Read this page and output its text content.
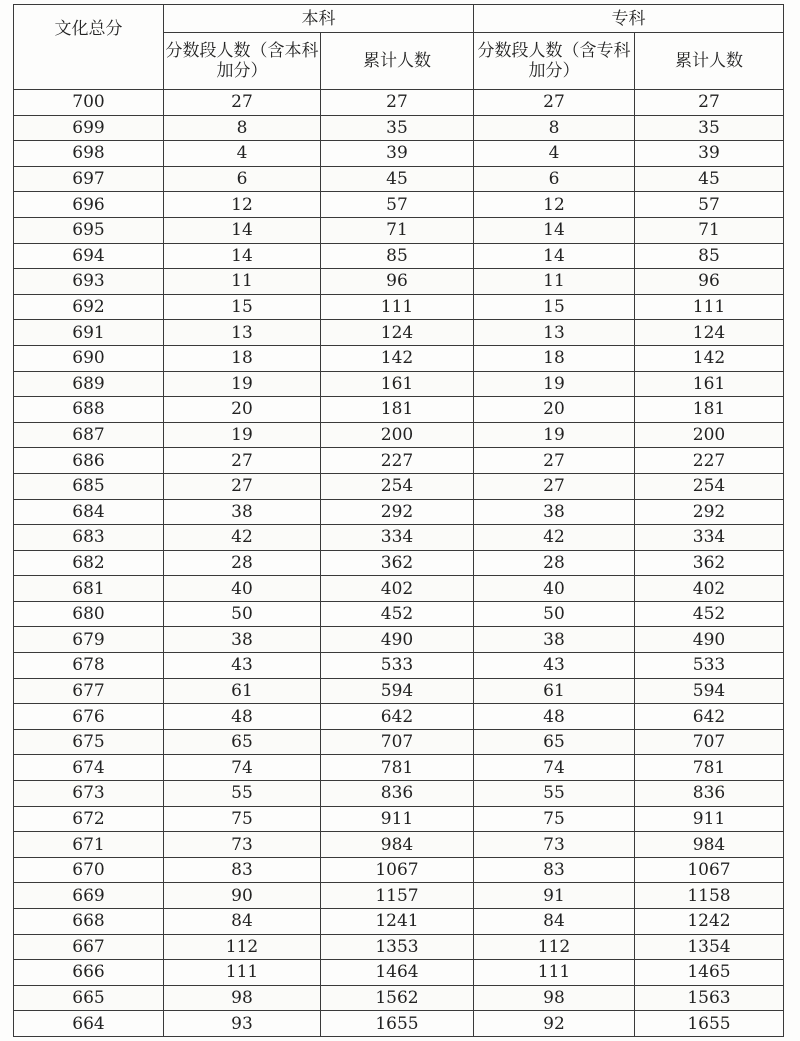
文化总分	本科		专科	
	分数段人数（含本科加分）	累计人数	分数段人数（含专科加分）	累计人数
700	27	27	27	27
699	8	35	8	35
698	4	39	4	39
697	6	45	6	45
696	12	57	12	57
695	14	71	14	71
694	14	85	14	85
693	11	96	11	96
692	15	111	15	111
691	13	124	13	124
690	18	142	18	142
689	19	161	19	161
688	20	181	20	181
687	19	200	19	200
686	27	227	27	227
685	27	254	27	254
684	38	292	38	292
683	42	334	42	334
682	28	362	28	362
681	40	402	40	402
680	50	452	50	452
679	38	490	38	490
678	43	533	43	533
677	61	594	61	594
676	48	642	48	642
675	65	707	65	707
674	74	781	74	781
673	55	836	55	836
672	75	911	75	911
671	73	984	73	984
670	83	1067	83	1067
669	90	1157	91	1158
668	84	1241	84	1242
667	112	1353	112	1354
666	111	1464	111	1465
665	98	1562	98	1563
664	93	1655	92	1655
